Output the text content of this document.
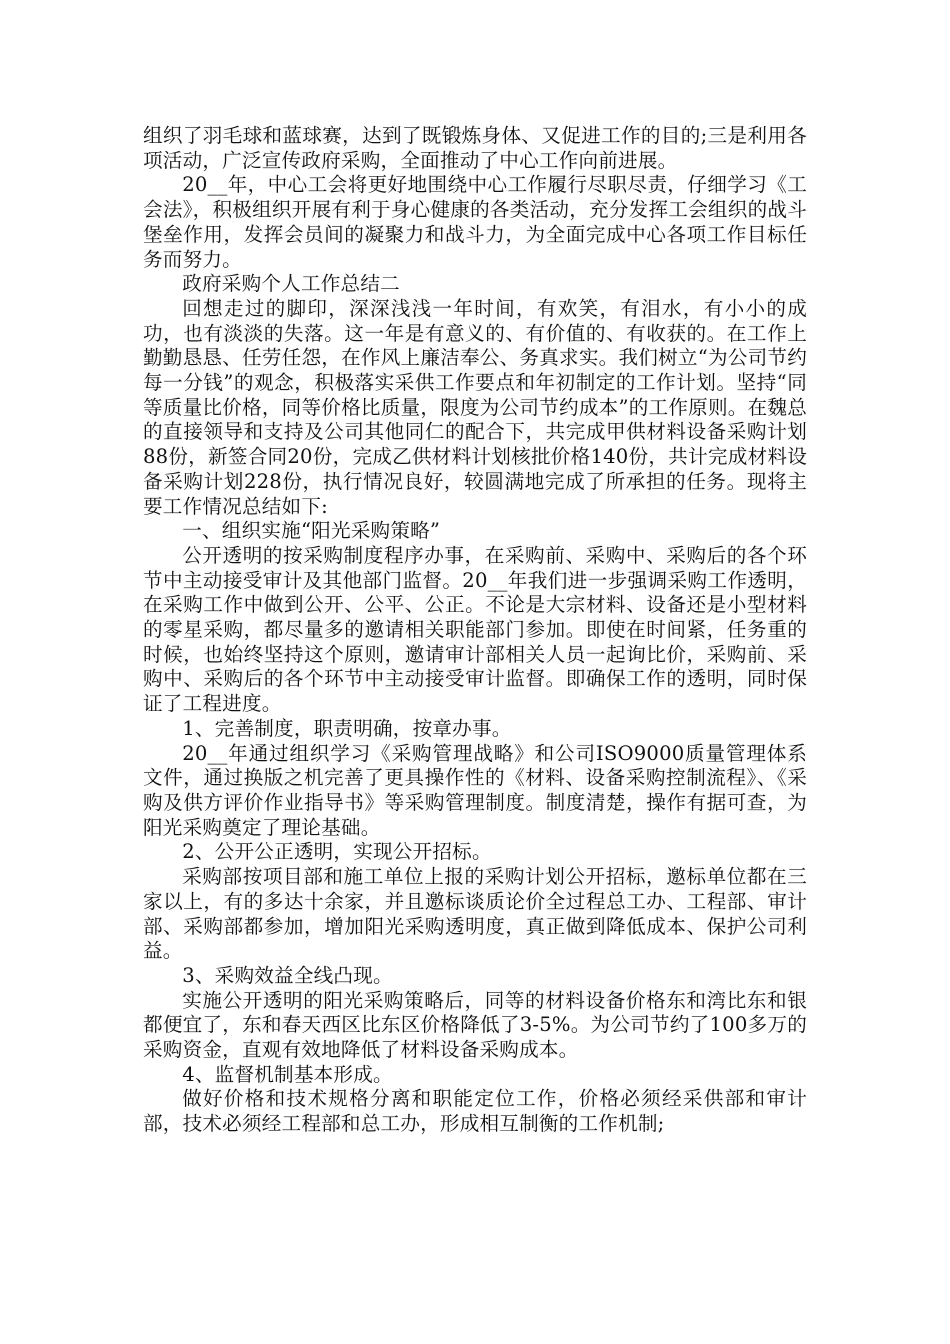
组织了羽毛球和蓝球赛，达到了既锻炼身体、又促进工作的目的;三是利用各项活动，广泛宣传政府采购，全面推动了中心工作向前进展。

20__年，中心工会将更好地围绕中心工作履行尽职尽责，仔细学习《工会法》，积极组织开展有利于身心健康的各类活动，充分发挥工会组织的战斗堡垒作用，发挥会员间的凝聚力和战斗力，为全面完成中心各项工作目标任务而努力。

政府采购个人工作总结二

回想走过的脚印，深深浅浅一年时间，有欢笑，有泪水，有小小的成功，也有淡淡的失落。这一年是有意义的、有价值的、有收获的。在工作上勤勤恳恳、任劳任怨，在作风上廉洁奉公、务真求实。我们树立“为公司节约每一分钱”的观念，积极落实采供工作要点和年初制定的工作计划。坚持“同等质量比价格，同等价格比质量，限度为公司节约成本”的工作原则。在魏总的直接领导和支持及公司其他同仁的配合下，共完成甲供材料设备采购计划88份，新签合同20份，完成乙供材料计划核批价格140份，共计完成材料设备采购计划228份，执行情况良好，较圆满地完成了所承担的任务。现将主要工作情况总结如下:

一、组织实施“阳光采购策略”

公开透明的按采购制度程序办事，在采购前、采购中、采购后的各个环节中主动接受审计及其他部门监督。20__年我们进一步强调采购工作透明，在采购工作中做到公开、公平、公正。不论是大宗材料、设备还是小型材料的零星采购，都尽量多的邀请相关职能部门参加。即使在时间紧，任务重的时候，也始终坚持这个原则，邀请审计部相关人员一起询比价，采购前、采购中、采购后的各个环节中主动接受审计监督。即确保工作的透明，同时保证了工程进度。

1、完善制度，职责明确，按章办事。

20__年通过组织学习《采购管理战略》和公司ISO9000质量管理体系文件，通过换版之机完善了更具操作性的《材料、设备采购控制流程》、《采购及供方评价作业指导书》等采购管理制度。制度清楚，操作有据可查，为阳光采购奠定了理论基础。

2、公开公正透明，实现公开招标。

采购部按项目部和施工单位上报的采购计划公开招标，邀标单位都在三家以上，有的多达十余家，并且邀标谈质论价全过程总工办、工程部、审计部、采购部都参加，增加阳光采购透明度，真正做到降低成本、保护公司利益。

3、采购效益全线凸现。

实施公开透明的阳光采购策略后，同等的材料设备价格东和湾比东和银都便宜了，东和春天西区比东区价格降低了3-5%。为公司节约了100多万的采购资金，直观有效地降低了材料设备采购成本。

4、监督机制基本形成。

做好价格和技术规格分离和职能定位工作，价格必须经采供部和审计部，技术必须经工程部和总工办，形成相互制衡的工作机制;
